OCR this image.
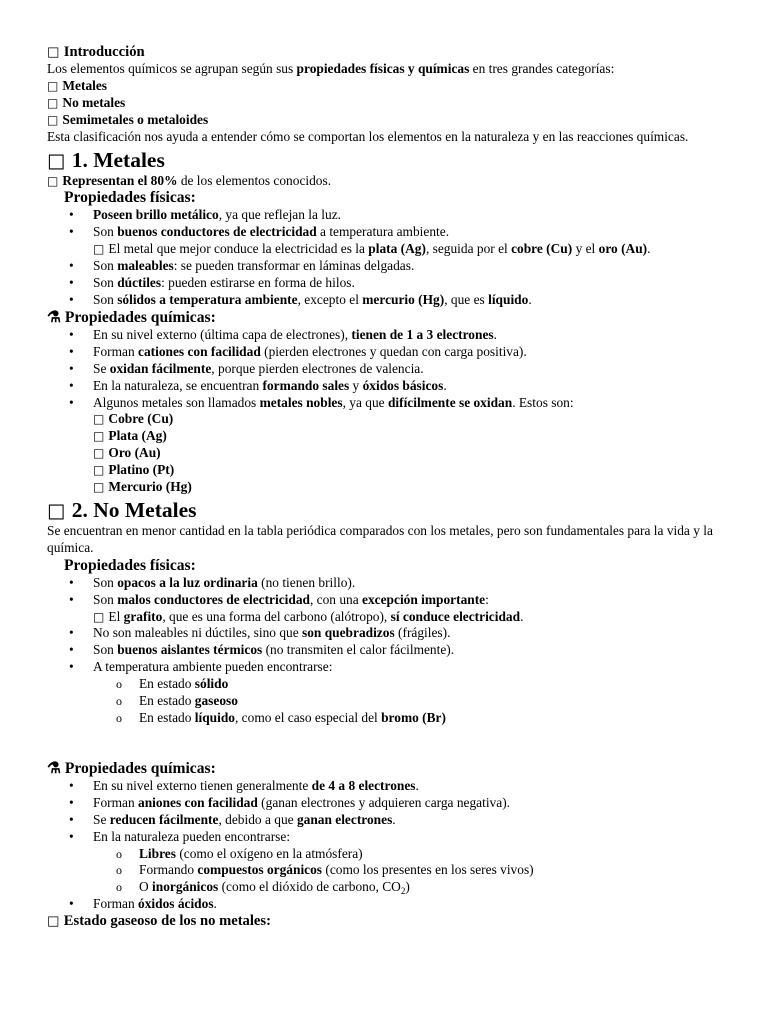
□ Introducción

Los elementos químicos se agrupan según sus propiedades físicas y químicas en tres grandes categorías:

□ Metales

□ No metales

□ Semimetales o metaloides

Esta clasificación nos ayuda a entender cómo se comportan los elementos en la naturaleza y en las reacciones químicas.

□ 1. Metales

□ Representan el 80% de los elementos conocidos.

Propiedades físicas:

• Poseen brillo metálico, ya que reflejan la luz.
• Son buenos conductores de electricidad a temperatura ambiente.
□ El metal que mejor conduce la electricidad es la plata (Ag), seguida por el cobre (Cu) y el oro (Au).
• Son maleables: se pueden transformar en láminas delgadas.
• Son dúctiles: pueden estirarse en forma de hilos.
• Son sólidos a temperatura ambiente, excepto el mercurio (Hg), que es líquido.

⚗ Propiedades químicas:

• En su nivel externo (última capa de electrones), tienen de 1 a 3 electrones.
• Forman cationes con facilidad (pierden electrones y quedan con carga positiva).
• Se oxidan fácilmente, porque pierden electrones de valencia.
• En la naturaleza, se encuentran formando sales y óxidos básicos.
• Algunos metales son llamados metales nobles, ya que difícilmente se oxidan. Estos son:
□ Cobre (Cu)
□ Plata (Ag)
□ Oro (Au)
□ Platino (Pt)
□ Mercurio (Hg)

□ 2. No Metales

Se encuentran en menor cantidad en la tabla periódica comparados con los metales, pero son fundamentales para la vida y la química.

Propiedades físicas:

• Son opacos a la luz ordinaria (no tienen brillo).
• Son malos conductores de electricidad, con una excepción importante:
□ El grafito, que es una forma del carbono (alótropo), sí conduce electricidad.
• No son maleables ni dúctiles, sino que son quebradizos (frágiles).
• Son buenos aislantes térmicos (no transmiten el calor fácilmente).
• A temperatura ambiente pueden encontrarse:
o En estado sólido
o En estado gaseoso
o En estado líquido, como el caso especial del bromo (Br)

⚗ Propiedades químicas:

• En su nivel externo tienen generalmente de 4 a 8 electrones.
• Forman aniones con facilidad (ganan electrones y adquieren carga negativa).
• Se reducen fácilmente, debido a que ganan electrones.
• En la naturaleza pueden encontrarse:
o Libres (como el oxígeno en la atmósfera)
o Formando compuestos orgánicos (como los presentes en los seres vivos)
o O inorgánicos (como el dióxido de carbono, $CO_2$)
• Forman óxidos ácidos.

□ Estado gaseoso de los no metales:
